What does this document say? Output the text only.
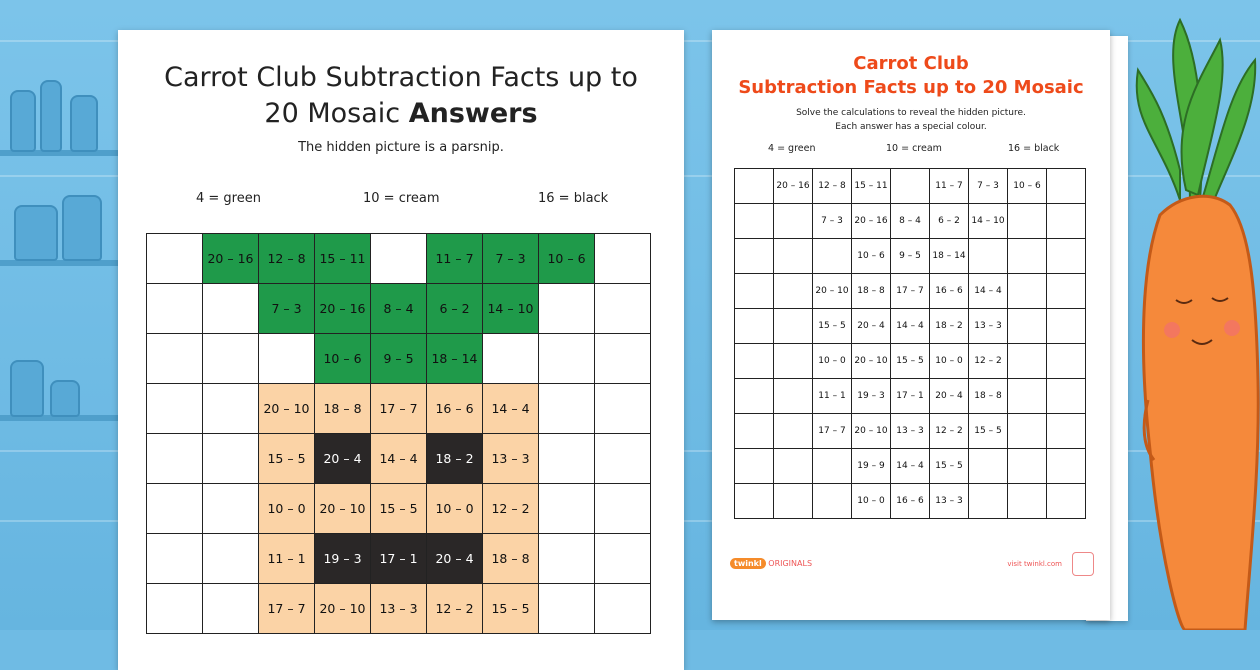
Carrot Club Subtraction Facts up to
20 Mosaic Answers
The hidden picture is a parsnip.
4 = green	10 = cream	16 = black
	20 – 16	12 – 8	15 – 11		11 – 7	7 – 3	10 – 6	
		7 – 3	20 – 16	8 – 4	6 – 2	14 – 10		
			10 – 6	9 – 5	18 – 14			
		20 – 10	18 – 8	17 – 7	16 – 6	14 – 4		
		15 – 5	20 – 4	14 – 4	18 – 2	13 – 3		
		10 – 0	20 – 10	15 – 5	10 – 0	12 – 2		
		11 – 1	19 – 3	17 – 1	20 – 4	18 – 8		
		17 – 7	20 – 10	13 – 3	12 – 2	15 – 5		
Carrot Club
Subtraction Facts up to 20 Mosaic
Solve the calculations to reveal the hidden picture.
Each answer has a special colour.
4 = green	10 = cream	16 = black
	20 – 16	12 – 8	15 – 11		11 – 7	7 – 3	10 – 6	
		7 – 3	20 – 16	8 – 4	6 – 2	14 – 10		
			10 – 6	9 – 5	18 – 14			
		20 – 10	18 – 8	17 – 7	16 – 6	14 – 4		
		15 – 5	20 – 4	14 – 4	18 – 2	13 – 3		
		10 – 0	20 – 10	15 – 5	10 – 0	12 – 2		
		11 – 1	19 – 3	17 – 1	20 – 4	18 – 8		
		17 – 7	20 – 10	13 – 3	12 – 2	15 – 5		
			19 – 9	14 – 4	15 – 5			
			10 – 0	16 – 6	13 – 3			
twinkl ORIGINALS	visit twinkl.com
